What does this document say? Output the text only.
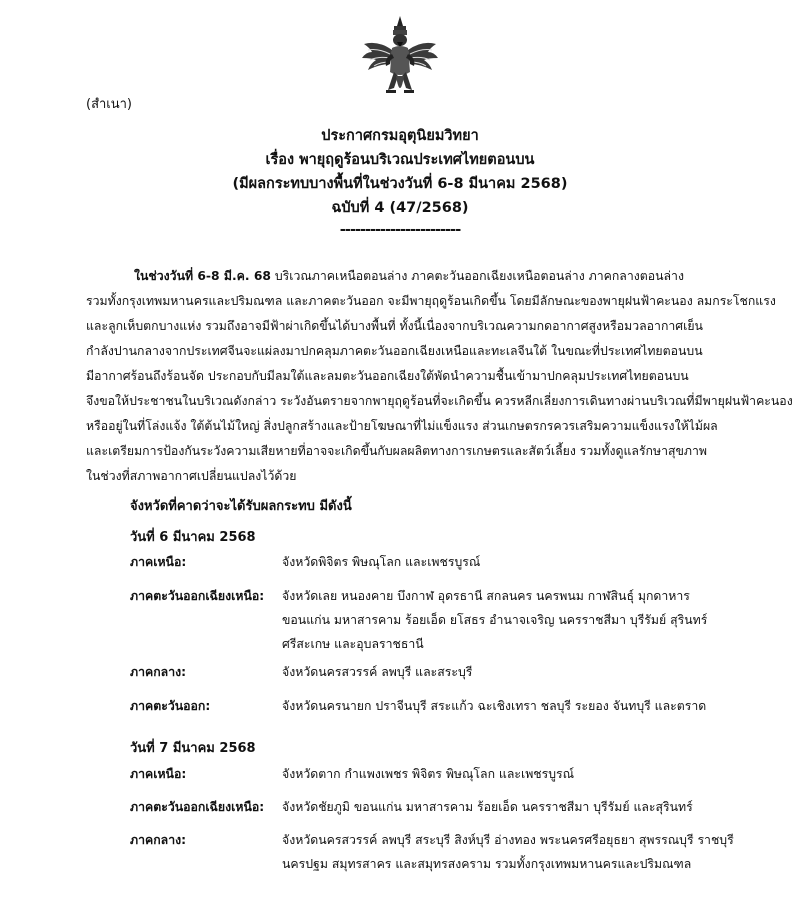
(สำเนา)
ประกาศกรมอุตุนิยมวิทยา
เรื่อง พายุฤดูร้อนบริเวณประเทศไทยตอนบน
(มีผลกระทบบางพื้นที่ในช่วงวันที่ 6-8 มีนาคม 2568)
ฉบับที่ 4 (47/2568)
------------------------

ในช่วงวันที่ 6-8 มี.ค. 68 บริเวณภาคเหนือตอนล่าง ภาคตะวันออกเฉียงเหนือตอนล่าง ภาคกลางตอนล่าง
รวมทั้งกรุงเทพมหานครและปริมณฑล และภาคตะวันออก จะมีพายุฤดูร้อนเกิดขึ้น โดยมีลักษณะของพายุฝนฟ้าคะนอง ลมกระโชกแรง
และลูกเห็บตกบางแห่ง รวมถึงอาจมีฟ้าผ่าเกิดขึ้นได้บางพื้นที่ ทั้งนี้เนื่องจากบริเวณความกดอากาศสูงหรือมวลอากาศเย็น
กำลังปานกลางจากประเทศจีนจะแผ่ลงมาปกคลุมภาคตะวันออกเฉียงเหนือและทะเลจีนใต้ ในขณะที่ประเทศไทยตอนบน
มีอากาศร้อนถึงร้อนจัด ประกอบกับมีลมใต้และลมตะวันออกเฉียงใต้พัดนำความชื้นเข้ามาปกคลุมประเทศไทยตอนบน
จึงขอให้ประชาชนในบริเวณดังกล่าว ระวังอันตรายจากพายุฤดูร้อนที่จะเกิดขึ้น ควรหลีกเลี่ยงการเดินทางผ่านบริเวณที่มีพายุฝนฟ้าคะนอง
หรืออยู่ในที่โล่งแจ้ง ใต้ต้นไม้ใหญ่ สิ่งปลูกสร้างและป้ายโฆษณาที่ไม่แข็งแรง ส่วนเกษตรกรควรเสริมความแข็งแรงให้ไม้ผล
และเตรียมการป้องกันระวังความเสียหายที่อาจจะเกิดขึ้นกับผลผลิตทางการเกษตรและสัตว์เลี้ยง รวมทั้งดูแลรักษาสุขภาพ
ในช่วงที่สภาพอากาศเปลี่ยนแปลงไว้ด้วย

จังหวัดที่คาดว่าจะได้รับผลกระทบ มีดังนี้
วันที่ 6 มีนาคม 2568
ภาคเหนือ:	จังหวัดพิจิตร พิษณุโลก และเพชรบูรณ์
ภาคตะวันออกเฉียงเหนือ: จังหวัดเลย หนองคาย บึงกาฬ อุดรธานี สกลนคร นครพนม กาฬสินธุ์ มุกดาหาร
ขอนแก่น มหาสารคาม ร้อยเอ็ด ยโสธร อำนาจเจริญ นครราชสีมา บุรีรัมย์ สุรินทร์
ศรีสะเกษ และอุบลราชธานี
ภาคกลาง:	จังหวัดนครสวรรค์ ลพบุรี และสระบุรี
ภาคตะวันออก:	จังหวัดนครนายก ปราจีนบุรี สระแก้ว ฉะเชิงเทรา ชลบุรี ระยอง จันทบุรี และตราด
วันที่ 7 มีนาคม 2568
ภาคเหนือ:	จังหวัดตาก กำแพงเพชร พิจิตร พิษณุโลก และเพชรบูรณ์
ภาคตะวันออกเฉียงเหนือ: จังหวัดชัยภูมิ ขอนแก่น มหาสารคาม ร้อยเอ็ด นครราชสีมา บุรีรัมย์ และสุรินทร์
ภาคกลาง:	จังหวัดนครสวรรค์ ลพบุรี สระบุรี สิงห์บุรี อ่างทอง พระนครศรีอยุธยา สุพรรณบุรี ราชบุรี
นครปฐม สมุทรสาคร และสมุทรสงคราม รวมทั้งกรุงเทพมหานครและปริมณฑล
